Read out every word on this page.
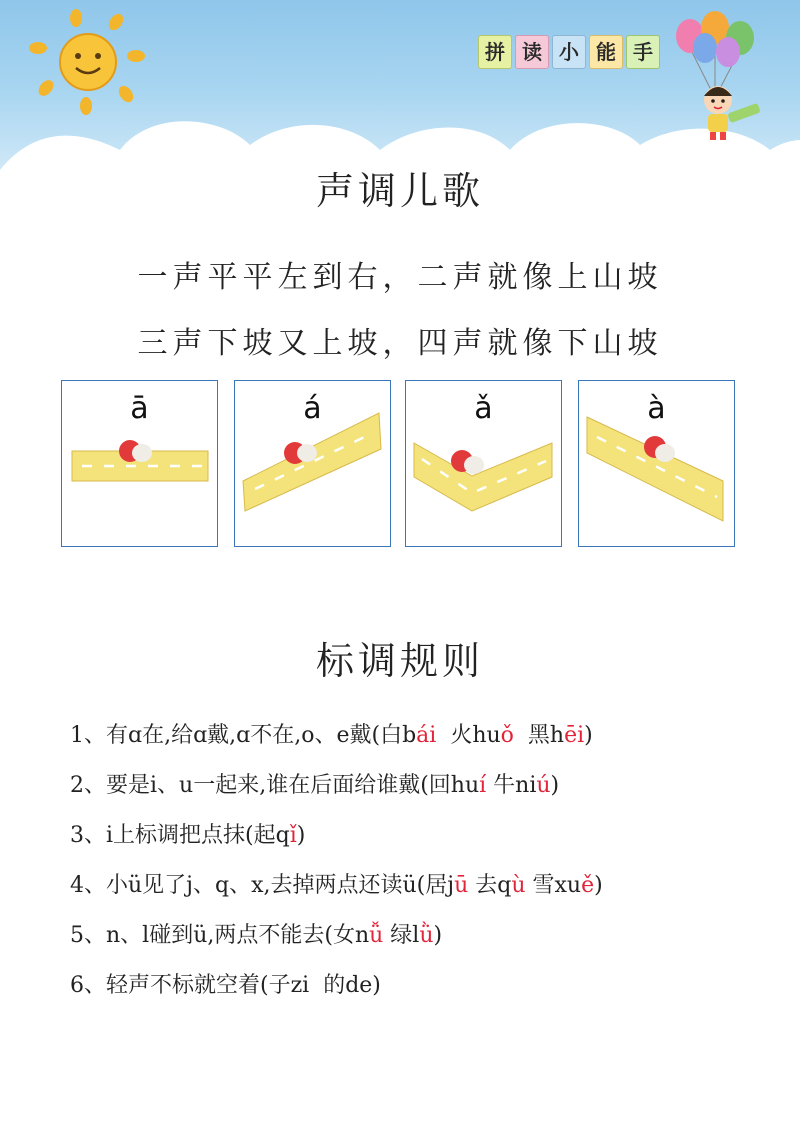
拼 读 小 能 手
声调儿歌
一声平平左到右，二声就像上山坡
三声下坡又上坡，四声就像下山坡
ā	á	ǎ	à
标调规则
1、有ɑ在,给ɑ戴,ɑ不在,o、e戴(白bái  火huǒ  黑hēi)
2、要是i、u一起来,谁在后面给谁戴(回huí 牛niú)
3、i上标调把点抹(起qǐ)
4、小ü见了j、q、x,去掉两点还读ü(居jū 去qù 雪xuě)
5、n、l碰到ü,两点不能去(女nǚ 绿lǜ)
6、轻声不标就空着(子zi  的de)
